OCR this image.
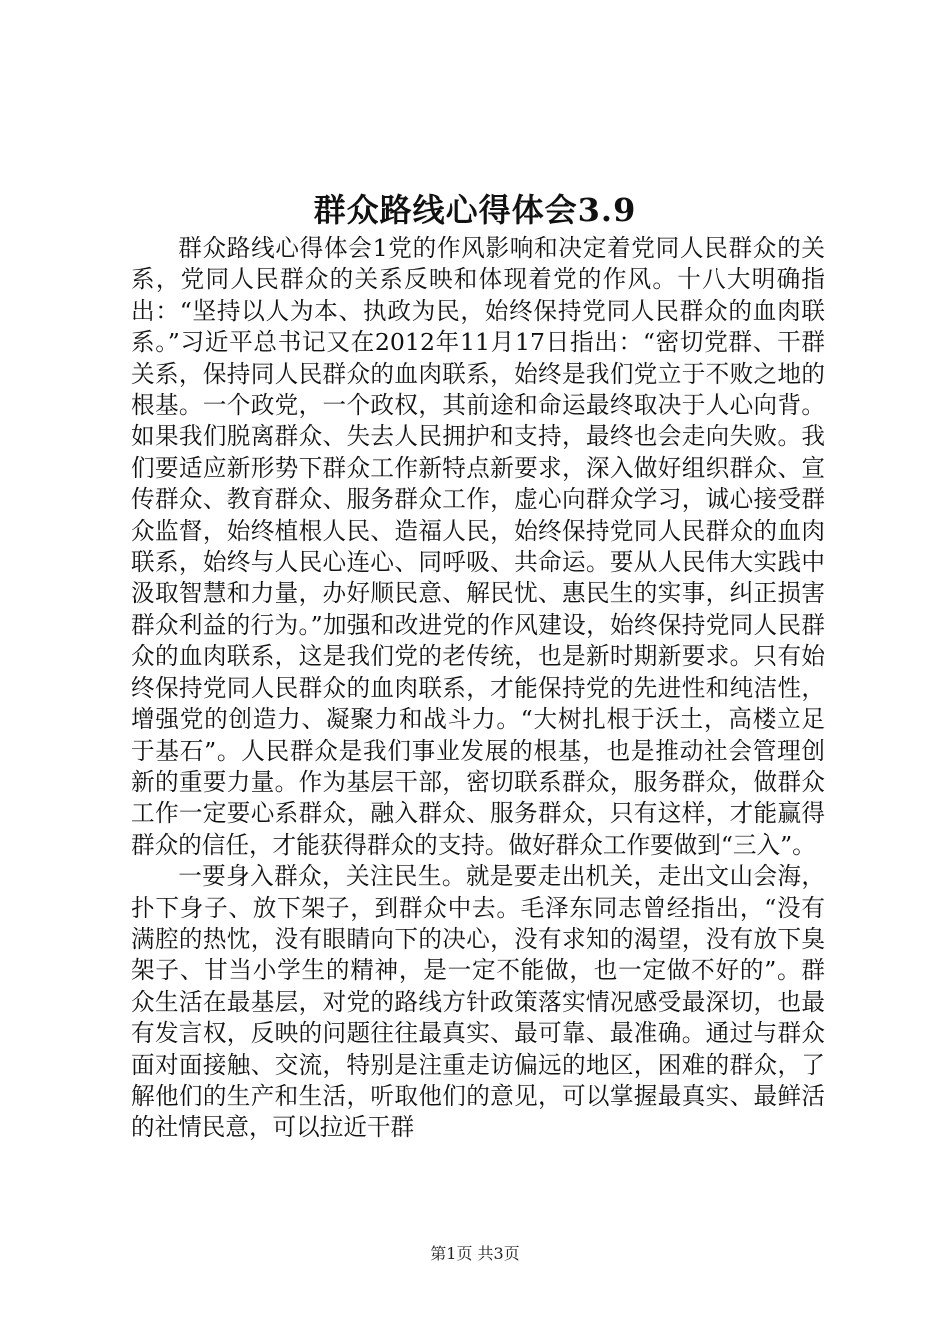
群众路线心得体会3.9

群众路线心得体会1党的作风影响和决定着党同人民群众的关系，党同人民群众的关系反映和体现着党的作风。十八大明确指出：“坚持以人为本、执政为民，始终保持党同人民群众的血肉联系。”习近平总书记又在2012年11月17日指出：“密切党群、干群关系，保持同人民群众的血肉联系，始终是我们党立于不败之地的根基。一个政党，一个政权，其前途和命运最终取决于人心向背。如果我们脱离群众、失去人民拥护和支持，最终也会走向失败。我们要适应新形势下群众工作新特点新要求，深入做好组织群众、宣传群众、教育群众、服务群众工作，虚心向群众学习，诚心接受群众监督，始终植根人民、造福人民，始终保持党同人民群众的血肉联系，始终与人民心连心、同呼吸、共命运。要从人民伟大实践中汲取智慧和力量，办好顺民意、解民忧、惠民生的实事，纠正损害群众利益的行为。”加强和改进党的作风建设，始终保持党同人民群众的血肉联系，这是我们党的老传统，也是新时期新要求。只有始终保持党同人民群众的血肉联系，才能保持党的先进性和纯洁性，增强党的创造力、凝聚力和战斗力。“大树扎根于沃土，高楼立足于基石”。人民群众是我们事业发展的根基，也是推动社会管理创新的重要力量。作为基层干部，密切联系群众，服务群众，做群众工作一定要心系群众，融入群众、服务群众，只有这样，才能赢得群众的信任，才能获得群众的支持。做好群众工作要做到“三入”。

一要身入群众，关注民生。就是要走出机关，走出文山会海，扑下身子、放下架子，到群众中去。毛泽东同志曾经指出，“没有满腔的热忱，没有眼睛向下的决心，没有求知的渴望，没有放下臭架子、甘当小学生的精神，是一定不能做，也一定做不好的”。群众生活在最基层，对党的路线方针政策落实情况感受最深切，也最有发言权，反映的问题往往最真实、最可靠、最准确。通过与群众面对面接触、交流，特别是注重走访偏远的地区，困难的群众，了解他们的生产和生活，听取他们的意见，可以掌握最真实、最鲜活的社情民意，可以拉近干群

第1页 共3页
